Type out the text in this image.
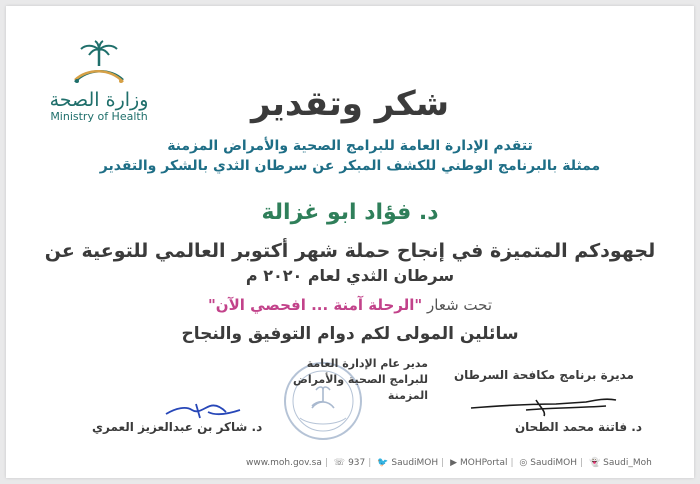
وزارة الصحة
Ministry of Health	شكر وتقدير
تتقدم الإدارة العامة للبرامج الصحية والأمراض المزمنة
ممثلة بالبرنامج الوطني للكشف المبكر عن سرطان الثدي بالشكر والتقدير
د. فؤاد ابو غزالة
لجهودكم المتميزة في إنجاح حملة شهر أكتوبر العالمي للتوعية عن
سرطان الثدي لعام ٢٠٢٠ م
تحت شعار "الرحلة آمنة ... افحصي الآن"
سائلين المولى لكم دوام التوفيق والنجاح
مديرة برنامج مكافحة السرطان
د. فاتنة محمد الطحان
مدير عام الإدارة العامة
للبرامج الصحية والأمراض المزمنة
د. شاكر بن عبدالعزيز العمري
www.moh.gov.sa | ☏ 937 | 🐦 SaudiMOH | ▶ MOHPortal | ◎ SaudiMOH | 👻 Saudi_Moh
